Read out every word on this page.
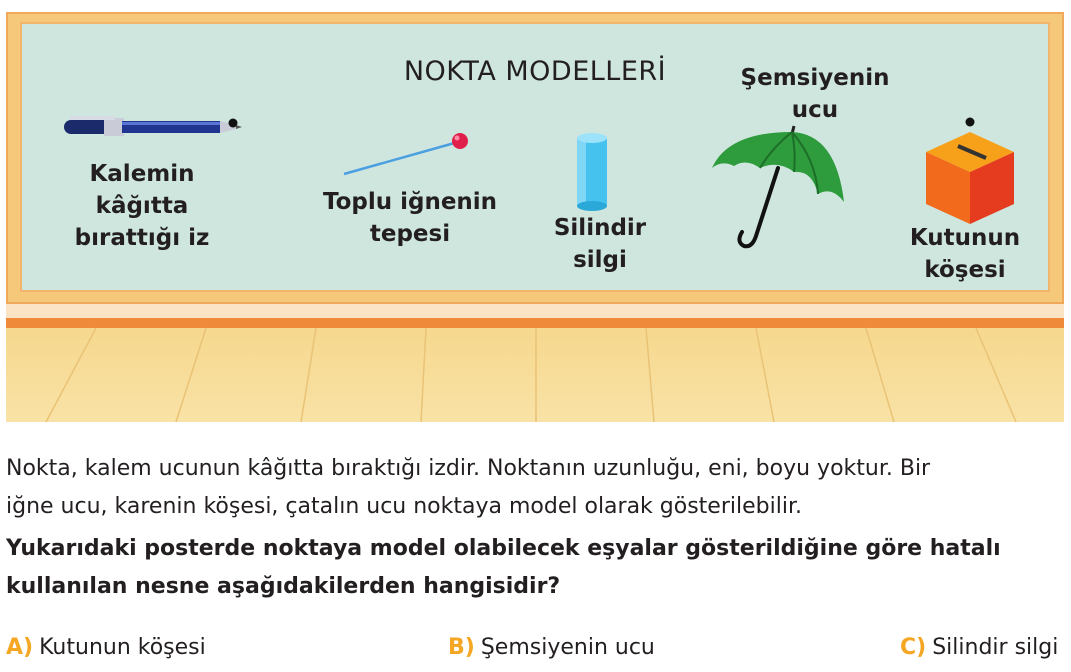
NOKTA MODELLERİ
Kalemin
kâğıtta
bırattığı iz
Toplu iğnenin
tepesi	Silindir
silgi
Şemsiyenin
ucu
Kutunun
köşesi

Nokta, kalem ucunun kâğıtta bıraktığı izdir. Noktanın uzunluğu, eni, boyu yoktur. Bir

iğne ucu, karenin köşesi, çatalın ucu noktaya model olarak gösterilebilir.

Yukarıdaki posterde noktaya model olabilecek eşyalar gösterildiğine göre hatalı

kullanılan nesne aşağıdakilerden hangisidir?

A) Kutunun köşesi	B) Şemsiyenin ucu	C) Silindir silgi
